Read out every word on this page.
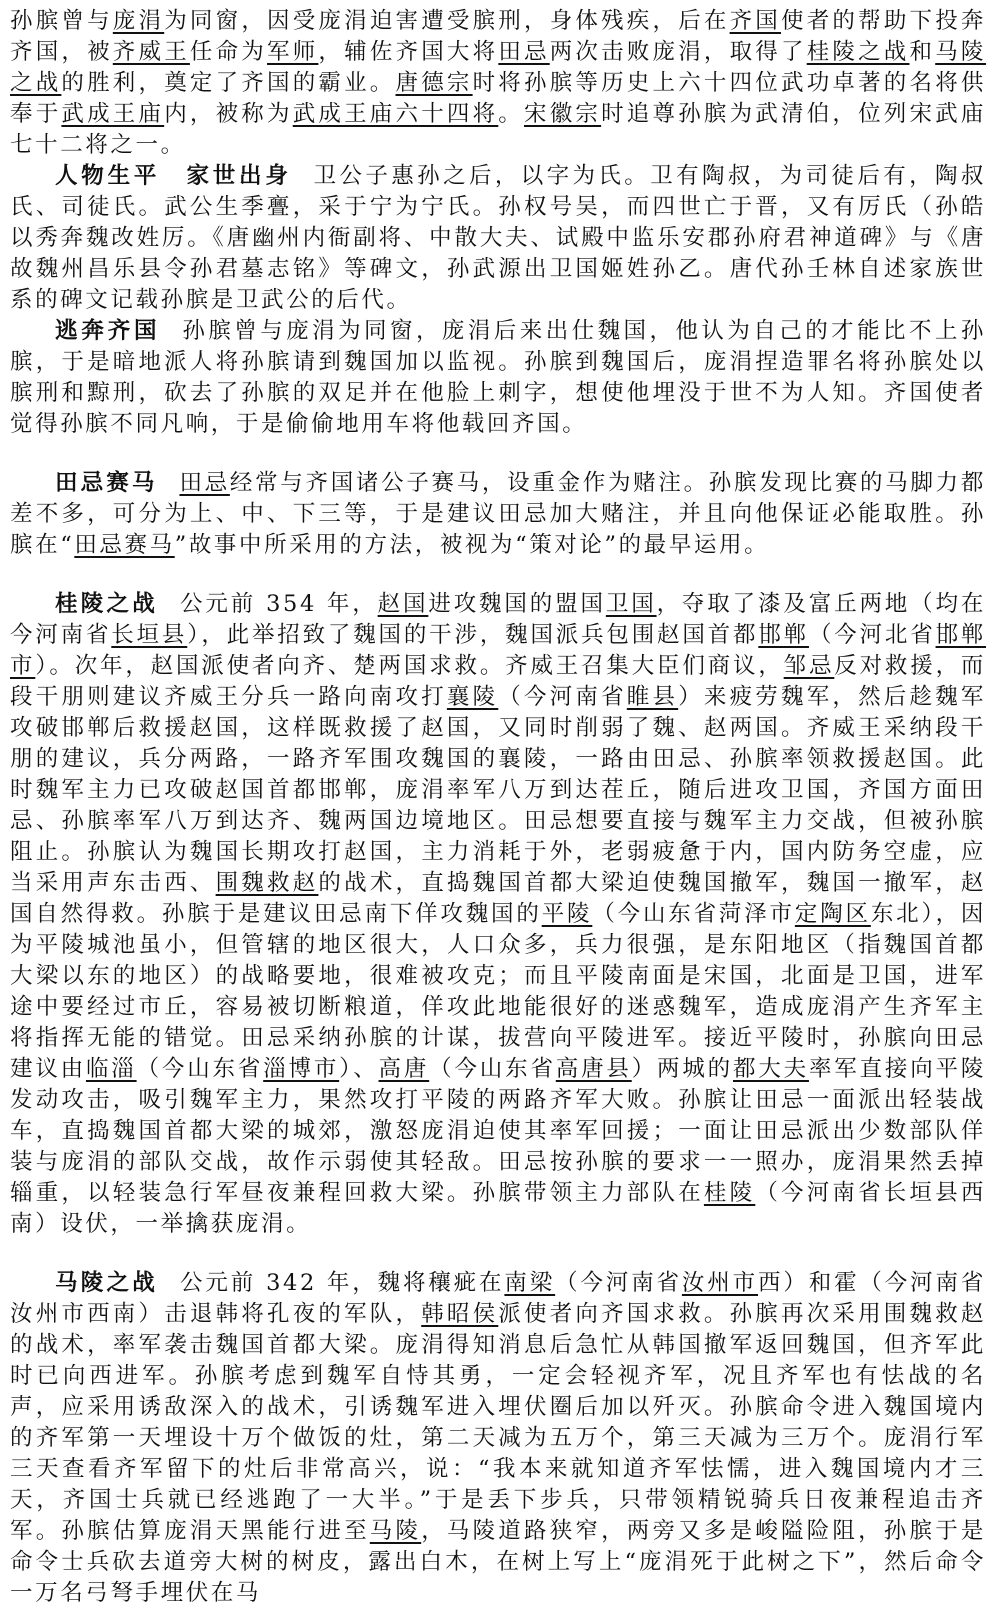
孙膑曾与庞涓为同窗，因受庞涓迫害遭受膑刑，身体残疾，后在齐国使者的帮助下投奔齐国，被齐威王任命为军师，辅佐齐国大将田忌两次击败庞涓，取得了桂陵之战和马陵之战的胜利，奠定了齐国的霸业。唐德宗时将孙膑等历史上六十四位武功卓著的名将供奉于武成王庙内，被称为武成王庙六十四将。宋徽宗时追尊孙膑为武清伯，位列宋武庙七十二将之一。

人物生平　家世出身 卫公子惠孙之后，以字为氏。卫有陶叔，为司徒后有，陶叔氏、司徒氏。武公生季亹，采于宁为宁氏。孙权号吴，而四世亡于晋，又有厉氏（孙皓以秀奔魏改姓厉。《唐幽州内衙副将、中散大夫、试殿中监乐安郡孙府君神道碑》与《唐故魏州昌乐县令孙君墓志铭》等碑文，孙武源出卫国姬姓孙乙。唐代孙壬林自述家族世系的碑文记载孙膑是卫武公的后代。

逃奔齐国 孙膑曾与庞涓为同窗，庞涓后来出仕魏国，他认为自己的才能比不上孙膑，于是暗地派人将孙膑请到魏国加以监视。孙膑到魏国后，庞涓捏造罪名将孙膑处以膑刑和黥刑，砍去了孙膑的双足并在他脸上刺字，想使他埋没于世不为人知。齐国使者觉得孙膑不同凡响，于是偷偷地用车将他载回齐国。

田忌赛马 田忌经常与齐国诸公子赛马，设重金作为赌注。孙膑发现比赛的马脚力都差不多，可分为上、中、下三等，于是建议田忌加大赌注，并且向他保证必能取胜。孙膑在“田忌赛马”故事中所采用的方法，被视为“策对论”的最早运用。

桂陵之战 公元前 354 年，赵国进攻魏国的盟国卫国，夺取了漆及富丘两地（均在今河南省长垣县），此举招致了魏国的干涉，魏国派兵包围赵国首都邯郸（今河北省邯郸市）。次年，赵国派使者向齐、楚两国求救。齐威王召集大臣们商议，邹忌反对救援，而段干朋则建议齐威王分兵一路向南攻打襄陵（今河南省睢县）来疲劳魏军，然后趁魏军攻破邯郸后救援赵国，这样既救援了赵国，又同时削弱了魏、赵两国。齐威王采纳段干朋的建议，兵分两路，一路齐军围攻魏国的襄陵，一路由田忌、孙膑率领救援赵国。此时魏军主力已攻破赵国首都邯郸，庞涓率军八万到达茬丘，随后进攻卫国，齐国方面田忌、孙膑率军八万到达齐、魏两国边境地区。田忌想要直接与魏军主力交战，但被孙膑阻止。孙膑认为魏国长期攻打赵国，主力消耗于外，老弱疲惫于内，国内防务空虚，应当采用声东击西、围魏救赵的战术，直捣魏国首都大梁迫使魏国撤军，魏国一撤军，赵国自然得救。孙膑于是建议田忌南下佯攻魏国的平陵（今山东省菏泽市定陶区东北），因为平陵城池虽小，但管辖的地区很大，人口众多，兵力很强，是东阳地区（指魏国首都大梁以东的地区）的战略要地，很难被攻克；而且平陵南面是宋国，北面是卫国，进军途中要经过市丘，容易被切断粮道，佯攻此地能很好的迷惑魏军，造成庞涓产生齐军主将指挥无能的错觉。田忌采纳孙膑的计谋，拔营向平陵进军。接近平陵时，孙膑向田忌建议由临淄（今山东省淄博市）、高唐（今山东省高唐县）两城的都大夫率军直接向平陵发动攻击，吸引魏军主力，果然攻打平陵的两路齐军大败。孙膑让田忌一面派出轻装战车，直捣魏国首都大梁的城郊，激怒庞涓迫使其率军回援；一面让田忌派出少数部队佯装与庞涓的部队交战，故作示弱使其轻敌。田忌按孙膑的要求一一照办，庞涓果然丢掉辎重，以轻装急行军昼夜兼程回救大梁。孙膑带领主力部队在桂陵（今河南省长垣县西南）设伏，一举擒获庞涓。

马陵之战 公元前 342 年，魏将穰疵在南梁（今河南省汝州市西）和霍（今河南省汝州市西南）击退韩将孔夜的军队，韩昭侯派使者向齐国求救。孙膑再次采用围魏救赵的战术，率军袭击魏国首都大梁。庞涓得知消息后急忙从韩国撤军返回魏国，但齐军此时已向西进军。孙膑考虑到魏军自恃其勇，一定会轻视齐军，况且齐军也有怯战的名声，应采用诱敌深入的战术，引诱魏军进入埋伏圈后加以歼灭。孙膑命令进入魏国境内的齐军第一天埋设十万个做饭的灶，第二天减为五万个，第三天减为三万个。庞涓行军三天查看齐军留下的灶后非常高兴，说：“我本来就知道齐军怯懦，进入魏国境内才三天，齐国士兵就已经逃跑了一大半。”于是丢下步兵，只带领精锐骑兵日夜兼程追击齐军。孙膑估算庞涓天黑能行进至马陵，马陵道路狭窄，两旁又多是峻隘险阻，孙膑于是命令士兵砍去道旁大树的树皮，露出白木，在树上写上“庞涓死于此树之下”，然后命令一万名弓弩手埋伏在马
